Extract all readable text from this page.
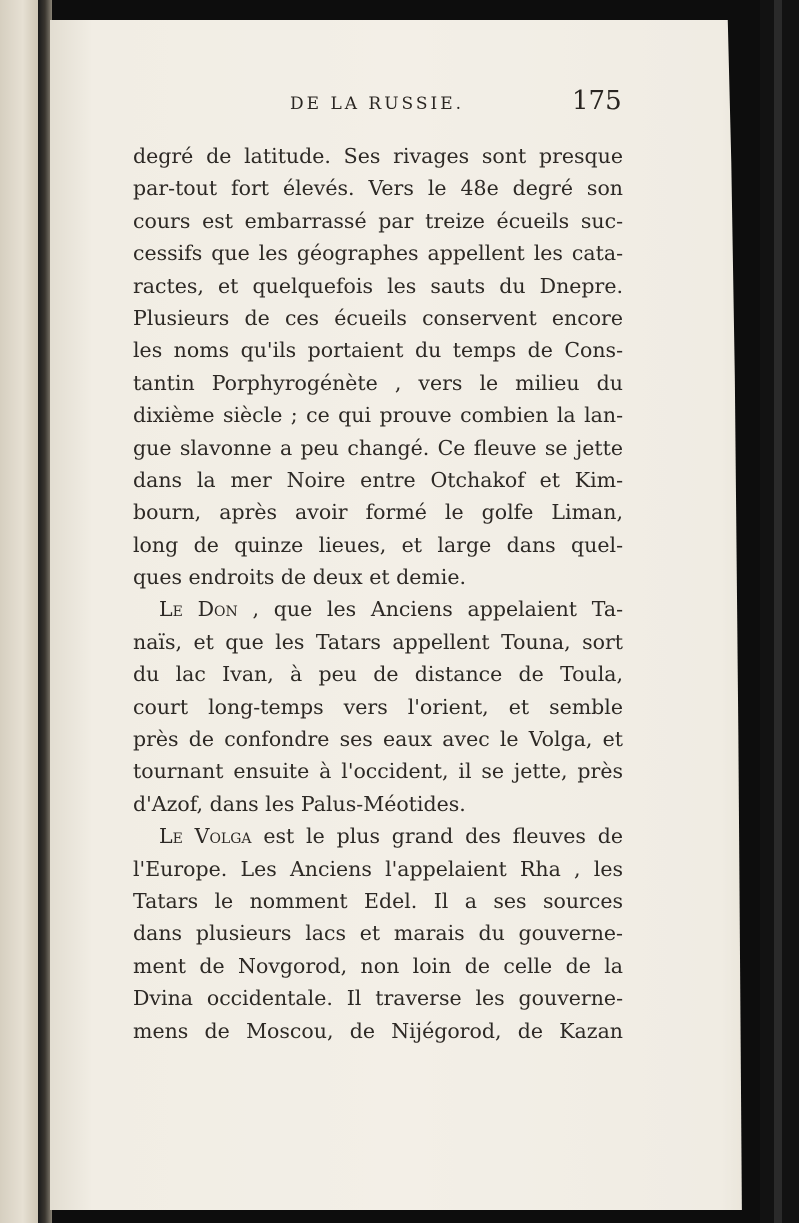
DE LA RUSSIE.	175
degré de latitude. Ses rivages sont presque
par-tout fort élevés. Vers le 48e degré son
cours est embarrassé par treize écueils suc-
cessifs que les géographes appellent les cata-
ractes, et quelquefois les sauts du Dnepre.
Plusieurs de ces écueils conservent encore
les noms qu'ils portaient du temps de Cons-
tantin Porphyrogénète , vers le milieu du
dixième siècle ; ce qui prouve combien la lan-
gue slavonne a peu changé. Ce fleuve se jette
dans la mer Noire entre Otchakof et Kim-
bourn, après avoir formé le golfe Liman,
long de quinze lieues, et large dans quel-
ques endroits de deux et demie.
Le Don , que les Anciens appelaient Ta-
naïs, et que les Tatars appellent Touna, sort
du lac Ivan, à peu de distance de Toula,
court long-temps vers l'orient, et semble
près de confondre ses eaux avec le Volga, et
tournant ensuite à l'occident, il se jette, près
d'Azof, dans les Palus-Méotides.
Le Volga est le plus grand des fleuves de
l'Europe. Les Anciens l'appelaient Rha , les
Tatars le nomment Edel. Il a ses sources
dans plusieurs lacs et marais du gouverne-
ment de Novgorod, non loin de celle de la
Dvina occidentale. Il traverse les gouverne-
mens de Moscou, de Nijégorod, de Kazan
